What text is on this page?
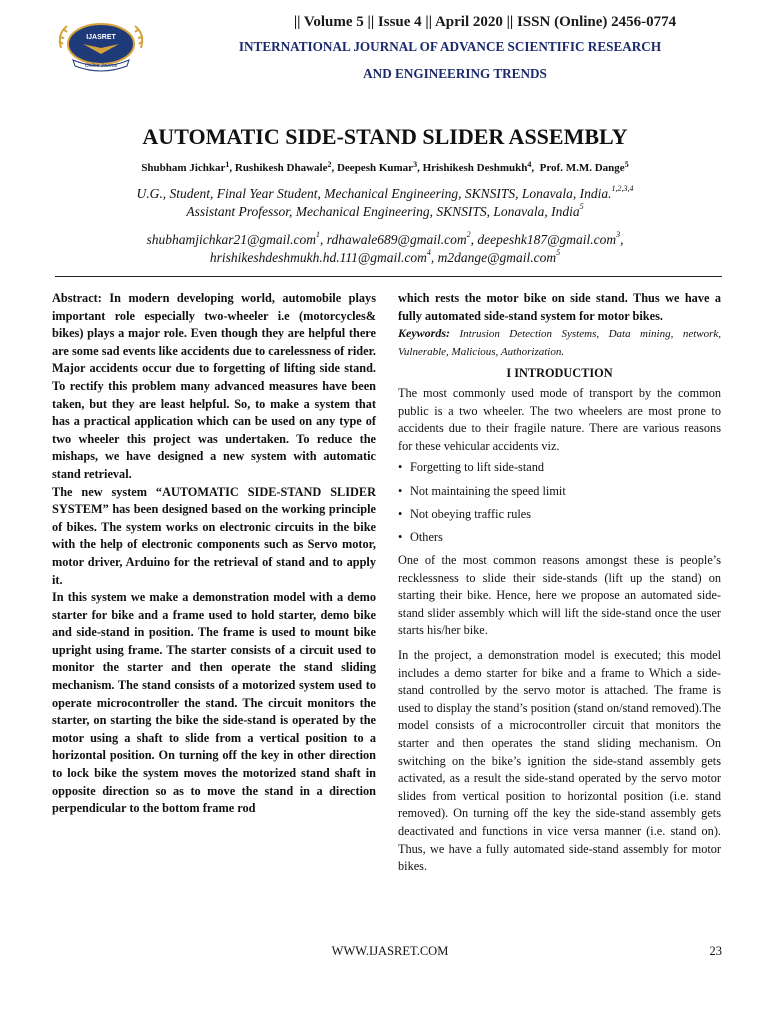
IJASRET
Online Journal
|| Volume 5 || Issue 4 || April 2020 || ISSN (Online) 2456-0774
INTERNATIONAL JOURNAL OF ADVANCE SCIENTIFIC RESEARCH
AND ENGINEERING TRENDS
AUTOMATIC SIDE-STAND SLIDER ASSEMBLY
Shubham Jichkar$^1$, Rushikesh Dhawale$^2$, Deepesh Kumar$^3$, Hrishikesh Deshmukh$^4$,  Prof. M.M. Dange$^5$
U.G., Student, Final Year Student, Mechanical Engineering, SKNSITS, Lonavala, India.$^{1,2,3,4}$
Assistant Professor, Mechanical Engineering, SKNSITS, Lonavala, India$^5$
shubhamjichkar21@gmail.com$^1$, rdhawale689@gmail.com$^2$, deepeshk187@gmail.com$^3$,
hrishikeshdeshmukh.hd.111@gmail.com$^4$, m2dange@gmail.com$^5$

Abstract: In modern developing world, automobile plays important role especially two-wheeler i.e (motorcycles& bikes) plays a major role. Even though they are helpful there are some sad events like accidents due to carelessness of rider. Major accidents occur due to forgetting of lifting side stand. To rectify this problem many advanced measures have been taken, but they are least helpful. So, to make a system that has a practical application which can be used on any type of two wheeler this project was undertaken. To reduce the mishaps, we have designed a new system with automatic stand retrieval.

The new system “AUTOMATIC SIDE-STAND SLIDER SYSTEM” has been designed based on the working principle of bikes. The system works on electronic circuits in the bike with the help of electronic components such as Servo motor, motor driver, Arduino for the retrieval of stand and to apply it.

In this system we make a demonstration model with a demo starter for bike and a frame used to hold starter, demo bike and side-stand in position. The frame is used to mount bike upright using frame. The starter consists of a circuit used to monitor the starter and then operate the stand sliding mechanism. The stand consists of a motorized system used to operate microcontroller the stand. The circuit monitors the starter, on starting the bike the side-stand is operated by the motor using a shaft to slide from a vertical position to a horizontal position. On turning off the key in other direction to lock bike the system moves the motorized stand shaft in opposite direction so as to move the stand in a direction perpendicular to the bottom frame rod

which rests the motor bike on side stand. Thus we have a fully automated side-stand system for motor bikes.

Keywords: Intrusion Detection Systems, Data mining, network, Vulnerable, Malicious, Authorization.

I INTRODUCTION

The most commonly used mode of transport by the common public is a two wheeler. The two wheelers are most prone to accidents due to their fragile nature. There are various reasons for these vehicular accidents viz.

• Forgetting to lift side-stand
• Not maintaining the speed limit
• Not obeying traffic rules
• Others

One of the most common reasons amongst these is people’s recklessness to slide their side-stands (lift up the stand) on starting their bike. Hence, here we propose an automated side-stand slider assembly which will lift the side-stand once the user starts his/her bike.

In the project, a demonstration model is executed; this model includes a demo starter for bike and a frame to Which a side-stand controlled by the servo motor is attached. The frame is used to display the stand’s position (stand on/stand removed).The model consists of a microcontroller circuit that monitors the starter and then operates the stand sliding mechanism. On switching on the bike’s ignition the side-stand assembly gets activated, as a result the side-stand operated by the servo motor slides from vertical position to horizontal position (i.e. stand removed). On turning off the key the side-stand assembly gets deactivated and functions in vice versa manner (i.e. stand on). Thus, we have a fully automated side-stand assembly for motor bikes.

WWW.IJASRET.COM	23
